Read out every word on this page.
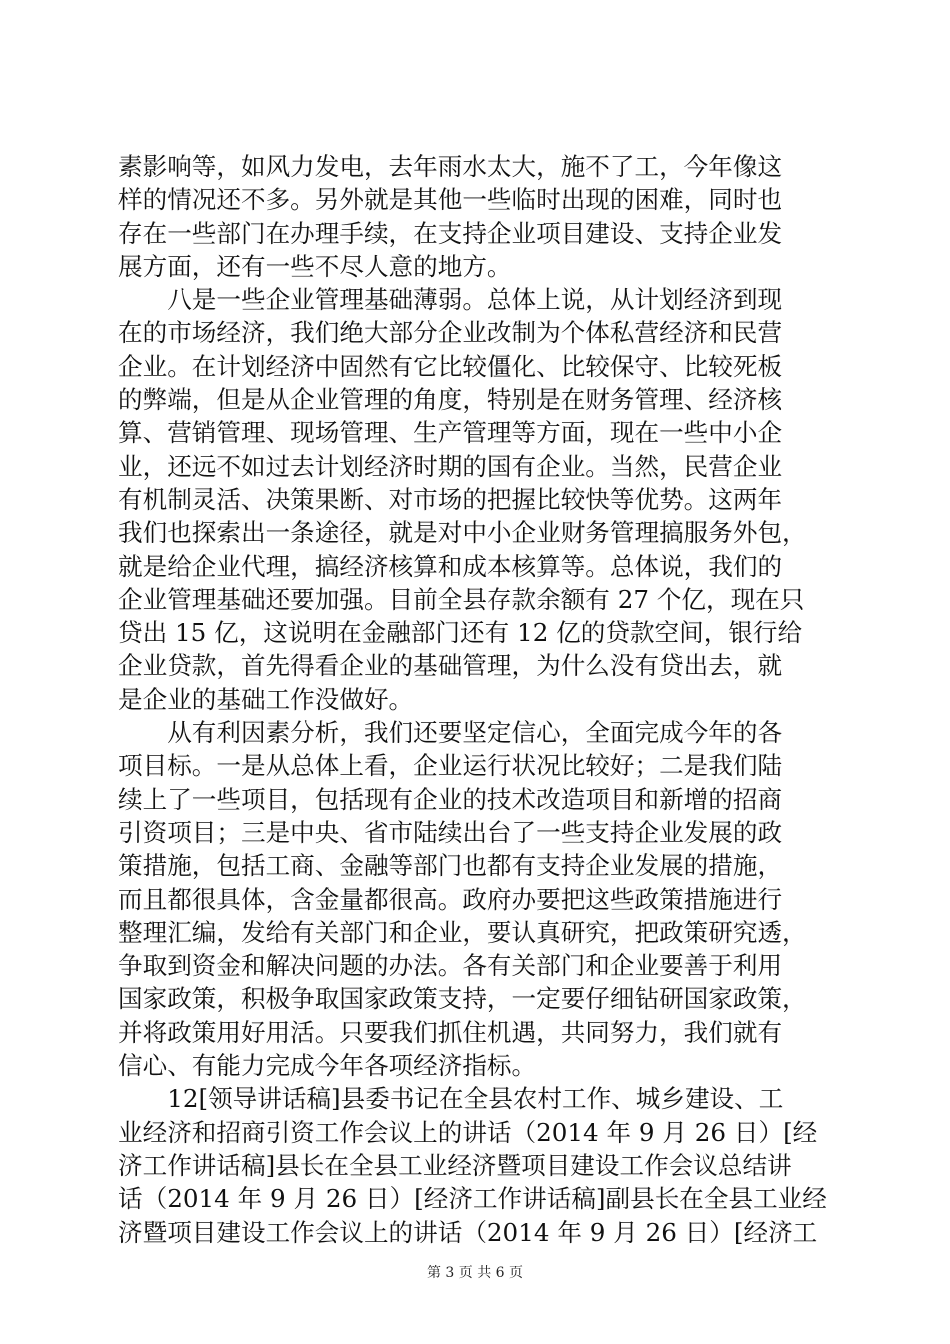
素影响等，如风力发电，去年雨水太大，施不了工，今年像这
样的情况还不多。另外就是其他一些临时出现的困难，同时也
存在一些部门在办理手续，在支持企业项目建设、支持企业发
展方面，还有一些不尽人意的地方。
　　八是一些企业管理基础薄弱。总体上说，从计划经济到现
在的市场经济，我们绝大部分企业改制为个体私营经济和民营
企业。在计划经济中固然有它比较僵化、比较保守、比较死板
的弊端，但是从企业管理的角度，特别是在财务管理、经济核
算、营销管理、现场管理、生产管理等方面，现在一些中小企
业，还远不如过去计划经济时期的国有企业。当然，民营企业
有机制灵活、决策果断、对市场的把握比较快等优势。这两年
我们也探索出一条途径，就是对中小企业财务管理搞服务外包，
就是给企业代理，搞经济核算和成本核算等。总体说，我们的
企业管理基础还要加强。目前全县存款余额有 27 个亿，现在只
贷出 15 亿，这说明在金融部门还有 12 亿的贷款空间，银行给
企业贷款，首先得看企业的基础管理，为什么没有贷出去，就
是企业的基础工作没做好。
　　从有利因素分析，我们还要坚定信心，全面完成今年的各
项目标。一是从总体上看，企业运行状况比较好；二是我们陆
续上了一些项目，包括现有企业的技术改造项目和新增的招商
引资项目；三是中央、省市陆续出台了一些支持企业发展的政
策措施，包括工商、金融等部门也都有支持企业发展的措施，
而且都很具体，含金量都很高。政府办要把这些政策措施进行
整理汇编，发给有关部门和企业，要认真研究，把政策研究透，
争取到资金和解决问题的办法。各有关部门和企业要善于利用
国家政策，积极争取国家政策支持，一定要仔细钻研国家政策，
并将政策用好用活。只要我们抓住机遇，共同努力，我们就有
信心、有能力完成今年各项经济指标。
　　12[领导讲话稿]县委书记在全县农村工作、城乡建设、工
业经济和招商引资工作会议上的讲话（2014 年 9 月 26 日）[经
济工作讲话稿]县长在全县工业经济暨项目建设工作会议总结讲
话（2014 年 9 月 26 日）[经济工作讲话稿]副县长在全县工业经
济暨项目建设工作会议上的讲话（2014 年 9 月 26 日）[经济工
第 3 页 共 6 页
